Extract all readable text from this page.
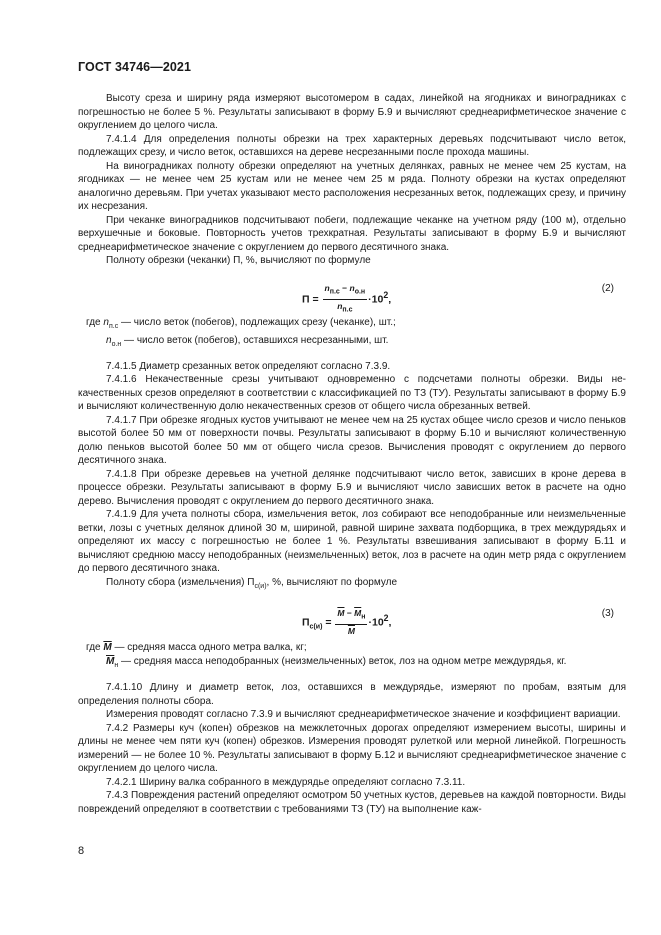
ГОСТ 34746—2021

Высоту среза и ширину ряда измеряют высотомером в садах, линейкой на ягодниках и виноградниках с погрешностью не более 5 %. Результаты записывают в форму Б.9 и вычисляют среднеарифметическое значение с округлением до целого числа.

7.4.1.4 Для определения полноты обрезки на трех характерных деревьях подсчитывают число веток, подлежащих срезу, и число веток, оставшихся на дереве несрезанными после прохода машины.

На виноградниках полноту обрезки определяют на учетных делянках, равных не менее чем 25 кустам, на ягодниках — не менее чем 25 кустам или не менее чем 25 м ряда. Полноту обрезки на кустах определяют аналогично деревьям. При учетах указывают место расположения несрезанных веток, подлежащих срезу, и причину их несрезания.

При чеканке виноградников подсчитывают побеги, подлежащие чеканке на учетном ряду (100 м), отдельно верхушечные и боковые. Повторность учетов трехкратная. Результаты записывают в форму Б.9 и вычисляют среднеарифметическое значение с округлением до первого десятичного знака.

Полноту обрезки (чеканки) П, %, вычисляют по формуле

$П = \frac{n_{п.с} - n_{о.н}}{n_{п.с}} \cdot 10^2$,
(2)
где $n_{п.с}$ — число веток (побегов), подлежащих срезу (чеканке), шт.;
$n_{о.н}$ — число веток (побегов), оставшихся несрезанными, шт.

7.4.1.5 Диаметр срезанных веток определяют согласно 7.3.9.

7.4.1.6 Некачественные срезы учитывают одновременно с подсчетами полноты обрезки. Виды некачественных срезов определяют в соответствии с классификацией по ТЗ (ТУ). Результаты записывают в форму Б.9 и вычисляют количественную долю некачественных срезов от общего числа обрезанных ветвей.

7.4.1.7 При обрезке ягодных кустов учитывают не менее чем на 25 кустах общее число срезов и число пеньков высотой более 50 мм от поверхности почвы. Результаты записывают в форму Б.10 и вычисляют количественную долю пеньков высотой более 50 мм от общего числа срезов. Вычисления проводят с округлением до первого десятичного знака.

7.4.1.8 При обрезке деревьев на учетной делянке подсчитывают число веток, зависших в кроне дерева в процессе обрезки. Результаты записывают в форму Б.9 и вычисляют число зависших веток в расчете на одно дерево. Вычисления проводят с округлением до первого десятичного знака.

7.4.1.9 Для учета полноты сбора, измельчения веток, лоз собирают все неподобранные или неизмельченные ветки, лозы с учетных делянок длиной 30 м, шириной, равной ширине захвата подборщика, в трех междурядьях и определяют их массу с погрешностью не более 1 %. Результаты взвешивания записывают в форму Б.11 и вычисляют среднюю массу неподобранных (неизмельченных) веток, лоз в расчете на один метр ряда с округлением до первого десятичного знака.

Полноту сбора (измельчения) $П_{с(и)}$, %, вычисляют по формуле

$П_{с(и)} = \frac{\overline{M} - \overline{M}_н}{M} \cdot 10^2$,
(3)
где $\overline{M}$ — средняя масса одного метра валка, кг;
$\overline{M}_н$ — средняя масса неподобранных (неизмельченных) веток, лоз на одном метре междурядья, кг.

7.4.1.10 Длину и диаметр веток, лоз, оставшихся в междурядье, измеряют по пробам, взятым для определения полноты сбора.

Измерения проводят согласно 7.3.9 и вычисляют среднеарифметическое значение и коэффициент вариации.

7.4.2 Размеры куч (копен) обрезков на межклеточных дорогах определяют измерением высоты, ширины и длины не менее чем пяти куч (копен) обрезков. Измерения проводят рулеткой или мерной линейкой. Погрешность измерений — не более 10 %. Результаты записывают в форму Б.12 и вычисляют среднеарифметическое значение с округлением до целого числа.

7.4.2.1 Ширину валка собранного в междурядье определяют согласно 7.3.11.

7.4.3 Повреждения растений определяют осмотром 50 учетных кустов, деревьев на каждой повторности. Виды повреждений определяют в соответствии с требованиями ТЗ (ТУ) на выполнение каж-

8
